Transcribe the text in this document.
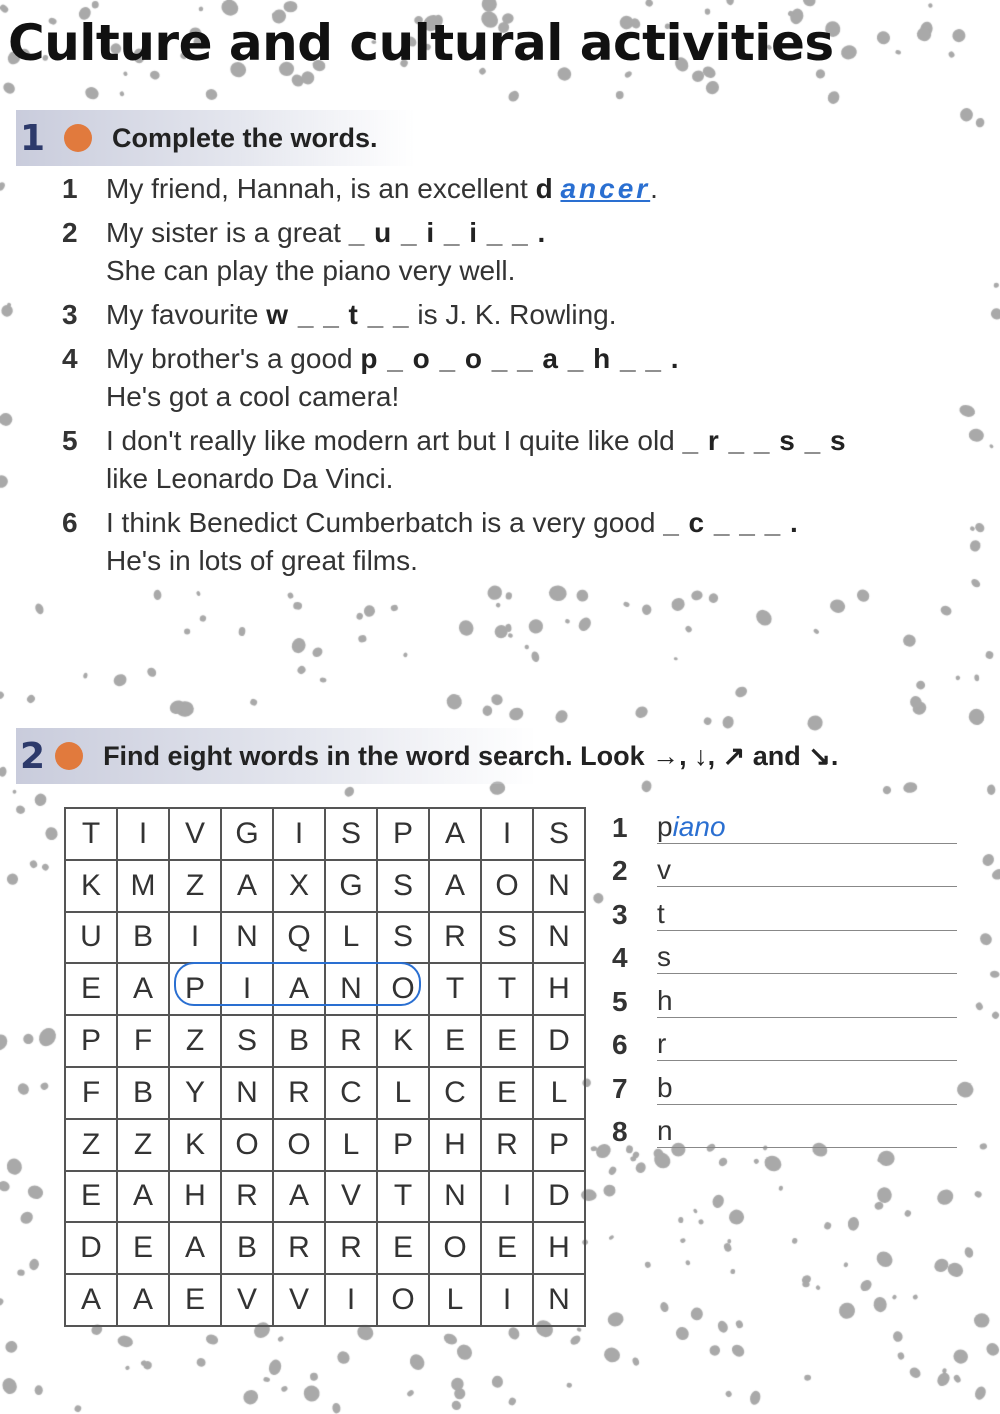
Culture and cultural activities
1	Complete the words.
1	My friend, Hannah, is an excellent d ancer.
2	My sister is a great _ u _ i _ i _ _ .
She can play the piano very well.
3	My favourite w _ _ t _ _ is J. K. Rowling.
4	My brother's a good p _ o _ o _ _ a _ h _ _ .
He's got a cool camera!
5	I don't really like modern art but I quite like old _ r _ _ s _ s
like Leonardo Da Vinci.
6	I think Benedict Cumberbatch is a very good _ c _ _ _ .
He's in lots of great films.
2 Find eight words in the word search. Look →, ↓, ↗ and ↘.
T	I	V	G	I	S	P	A	I	S
K	M	Z	A	X	G	S	A	O	N
U	B	I	N	Q	L	S	R	S	N
E	A	P	I	A	N	O	T	T	H
P	F	Z	S	B	R	K	E	E	D
F	B	Y	N	R	C	L	C	E	L
Z	Z	K	O	O	L	P	H	R	P
E	A	H	R	A	V	T	N	I	D
D	E	A	B	R	R	E	O	E	H
A	A	E	V	V	I	O	L	I	N
1	p iano
2	v
3	t
4	s
5	h
6	r
7	b
8	n
